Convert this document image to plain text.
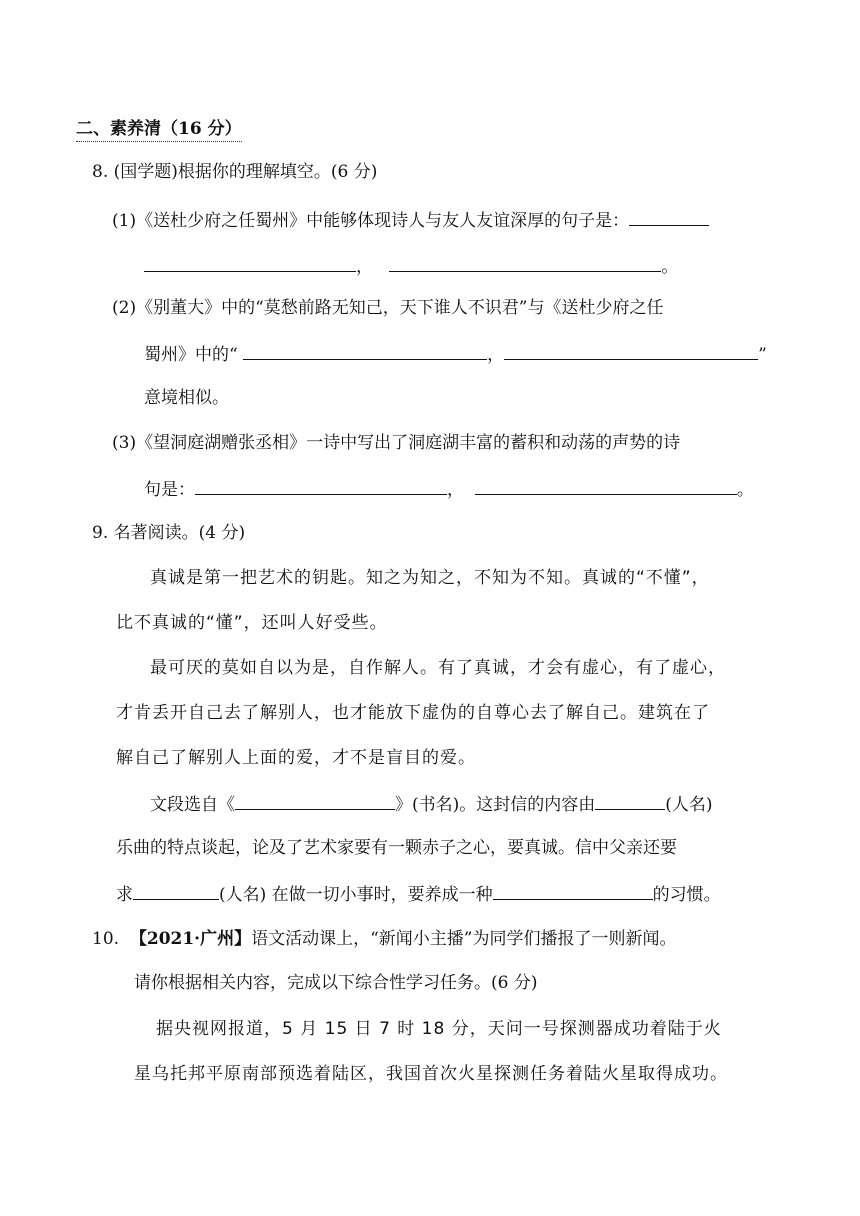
二、素养清（16 分）
8. (国学题)根据你的理解填空。(6 分)
(1)《送杜少府之任蜀州》中能够体现诗人与友人友谊深厚的句子是：
，	。
(2)《别董大》中的“莫愁前路无知己，天下谁人不识君”与《送杜少府之任
蜀州》中的“	，	”
意境相似。
(3)《望洞庭湖赠张丞相》一诗中写出了洞庭湖丰富的蓄积和动荡的声势的诗
句是：	，	。
9. 名著阅读。(4 分)
真诚是第一把艺术的钥匙。知之为知之，不知为不知。真诚的“不懂”，
比不真诚的“懂”，还叫人好受些。
最可厌的莫如自以为是，自作解人。有了真诚，才会有虚心，有了虚心，
才肯丢开自己去了解别人，也才能放下虚伪的自尊心去了解自己。建筑在了
解自己了解别人上面的爱，才不是盲目的爱。
文段选自《	》(书名)。这封信的内容由	(人名)
乐曲的特点谈起，论及了艺术家要有一颗赤子之心，要真诚。信中父亲还要
求	(人名) 在做一切小事时，要养成一种	的习惯。
10. 【2021·广州】语文活动课上，“新闻小主播”为同学们播报了一则新闻。
请你根据相关内容，完成以下综合性学习任务。(6 分)
据央视网报道，5 月 15 日 7 时 18 分，天问一号探测器成功着陆于火
星乌托邦平原南部预选着陆区，我国首次火星探测任务着陆火星取得成功。
